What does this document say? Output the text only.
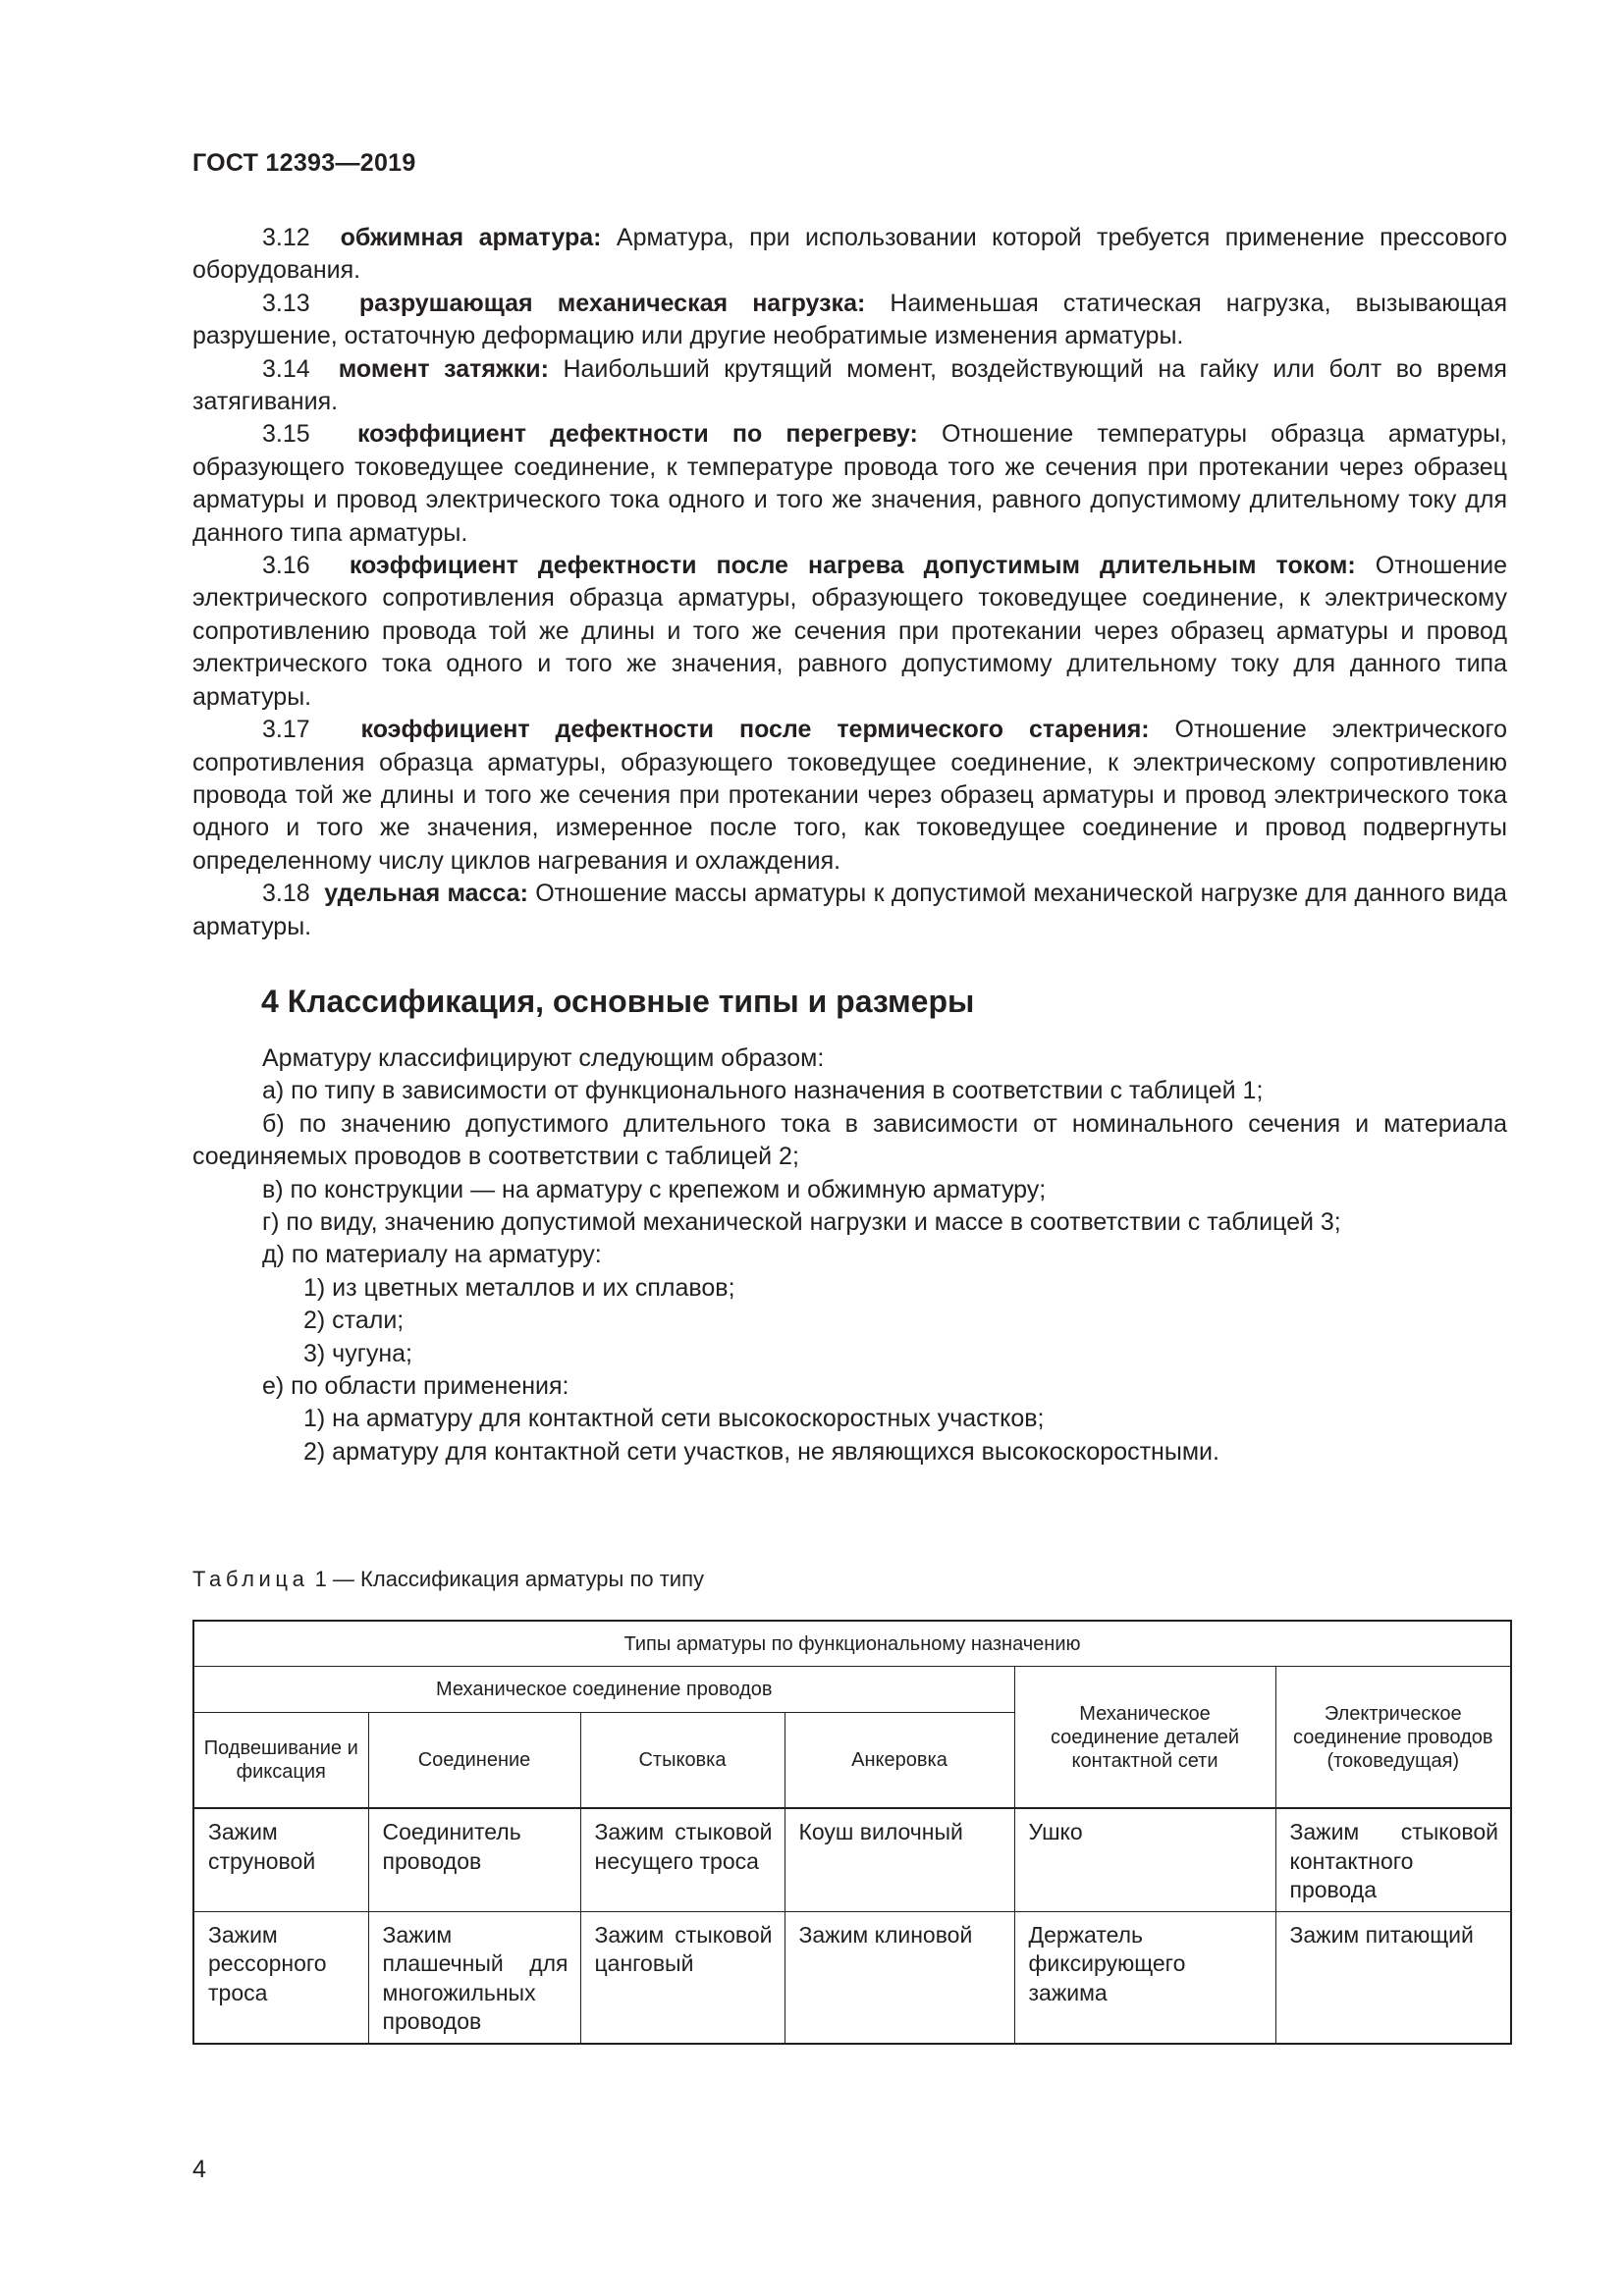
ГОСТ 12393—2019

3.12 обжимная арматура: Арматура, при использовании которой требуется применение прессового оборудования.

3.13 разрушающая механическая нагрузка: Наименьшая статическая нагрузка, вызывающая разрушение, остаточную деформацию или другие необратимые изменения арматуры.

3.14 момент затяжки: Наибольший крутящий момент, воздействующий на гайку или болт во время затягивания.

3.15 коэффициент дефектности по перегреву: Отношение температуры образца арматуры, образующего токоведущее соединение, к температуре провода того же сечения при протекании через образец арматуры и провод электрического тока одного и того же значения, равного допустимому длительному току для данного типа арматуры.

3.16 коэффициент дефектности после нагрева допустимым длительным током: Отношение электрического сопротивления образца арматуры, образующего токоведущее соединение, к электрическому сопротивлению провода той же длины и того же сечения при протекании через образец арматуры и провод электрического тока одного и того же значения, равного допустимому длительному току для данного типа арматуры.

3.17 коэффициент дефектности после термического старения: Отношение электрического сопротивления образца арматуры, образующего токоведущее соединение, к электрическому сопротивлению провода той же длины и того же сечения при протекании через образец арматуры и провод электрического тока одного и того же значения, измеренное после того, как токоведущее соединение и провод подвергнуты определенному числу циклов нагревания и охлаждения.

3.18 удельная масса: Отношение массы арматуры к допустимой механической нагрузке для данного вида арматуры.

4 Классификация, основные типы и размеры

Арматуру классифицируют следующим образом:

а) по типу в зависимости от функционального назначения в соответствии с таблицей 1;

б) по значению допустимого длительного тока в зависимости от номинального сечения и материала соединяемых проводов в соответствии с таблицей 2;

в) по конструкции — на арматуру с крепежом и обжимную арматуру;

г) по виду, значению допустимой механической нагрузки и массе в соответствии с таблицей 3;

д) по материалу на арматуру:

1) из цветных металлов и их сплавов;

2) стали;

3) чугуна;

е) по области применения:

1) на арматуру для контактной сети высокоскоростных участков;

2) арматуру для контактной сети участков, не являющихся высокоскоростными.

Таблица 1 — Классификация арматуры по типу
Типы арматуры по функциональному назначению					
Механическое соединение проводов				Механическое соединение деталей контактной сети	Электрическое соединение проводов (токоведущая)
Подвешивание и фиксация	Соединение	Стыковка	Анкеровка		
Зажим струновой	Соединитель проводов	Зажим стыковой несущего троса	Коуш вилочный	Ушко	Зажим стыковой контактного провода
Зажим рессорного троса	Зажим плашечный для многожильных проводов	Зажим стыковой цанговый	Зажим клиновой	Держатель фиксирующего зажима	Зажим питающий
4
